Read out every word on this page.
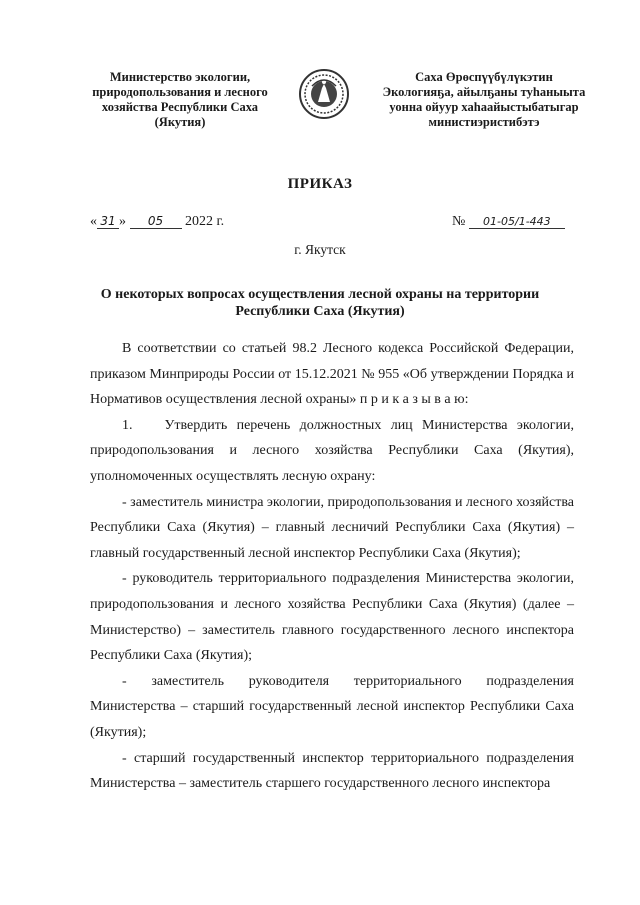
Министерство экологии,
природопользования и лесного
хозяйства Республики Саха
(Якутия)
Саха Өрөспүүбүлүкэтин
Экологияҕа, айылҕаны туһаныыта
уонна ойуур хаһаайыстыбатыгар
министиэристибэтэ
ПРИКАЗ
« 31 » 05 2022 г.	№ 01-05/1-443
г. Якутск
О некоторых вопросах осуществления лесной охраны на территории
Республики Саха (Якутия)

В соответствии со статьей 98.2 Лесного кодекса Российской Федерации, приказом Минприроды России от 15.12.2021 № 955 «Об утверждении Порядка и Нормативов осуществления лесной охраны» п р и к а з ы в а ю:

1. Утвердить перечень должностных лиц Министерства экологии, природопользования и лесного хозяйства Республики Саха (Якутия), уполномоченных осуществлять лесную охрану:

- заместитель министра экологии, природопользования и лесного хозяйства Республики Саха (Якутия) – главный лесничий Республики Саха (Якутия) – главный государственный лесной инспектор Республики Саха (Якутия);

- руководитель территориального подразделения Министерства экологии, природопользования и лесного хозяйства Республики Саха (Якутия) (далее – Министерство) – заместитель главного государственного лесного инспектора Республики Саха (Якутия);

- заместитель руководителя территориального подразделения Министерства – старший государственный лесной инспектор Республики Саха (Якутия);

- старший государственный инспектор территориального подразделения Министерства – заместитель старшего государственного лесного инспектора
